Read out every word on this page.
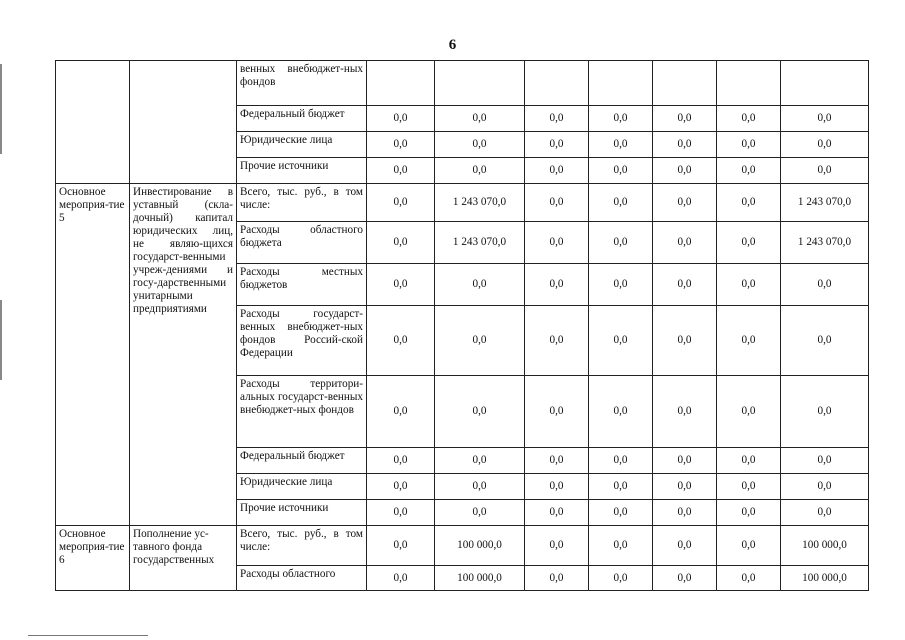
6
		венных внебюджет-ных фондов							
		Федеральный бюджет	0,0	0,0	0,0	0,0	0,0	0,0	0,0
		Юридические лица	0,0	0,0	0,0	0,0	0,0	0,0	0,0
		Прочие источники	0,0	0,0	0,0	0,0	0,0	0,0	0,0
Основное мероприя-тие 5	Инвестирование в уставный (скла-дочный) капитал юридических лиц, не являю-щихся государст-венными учреж-дениями и госу-дарственными унитарными предприятиями	Всего, тыс. руб., в том числе:	0,0	1 243 070,0	0,0	0,0	0,0	0,0	1 243 070,0
		Расходы областного бюджета	0,0	1 243 070,0	0,0	0,0	0,0	0,0	1 243 070,0
		Расходы местных бюджетов	0,0	0,0	0,0	0,0	0,0	0,0	0,0
		Расходы государст-венных внебюджет-ных фондов Россий-ской Федерации	0,0	0,0	0,0	0,0	0,0	0,0	0,0
		Расходы территори-альных государст-венных внебюджет-ных фондов	0,0	0,0	0,0	0,0	0,0	0,0	0,0
		Федеральный бюджет	0,0	0,0	0,0	0,0	0,0	0,0	0,0
		Юридические лица	0,0	0,0	0,0	0,0	0,0	0,0	0,0
		Прочие источники	0,0	0,0	0,0	0,0	0,0	0,0	0,0
Основное мероприя-тие 6	Пополнение ус-тавного фонда государственных	Всего, тыс. руб., в том числе:	0,0	100 000,0	0,0	0,0	0,0	0,0	100 000,0
		Расходы областного	0,0	100 000,0	0,0	0,0	0,0	0,0	100 000,0
